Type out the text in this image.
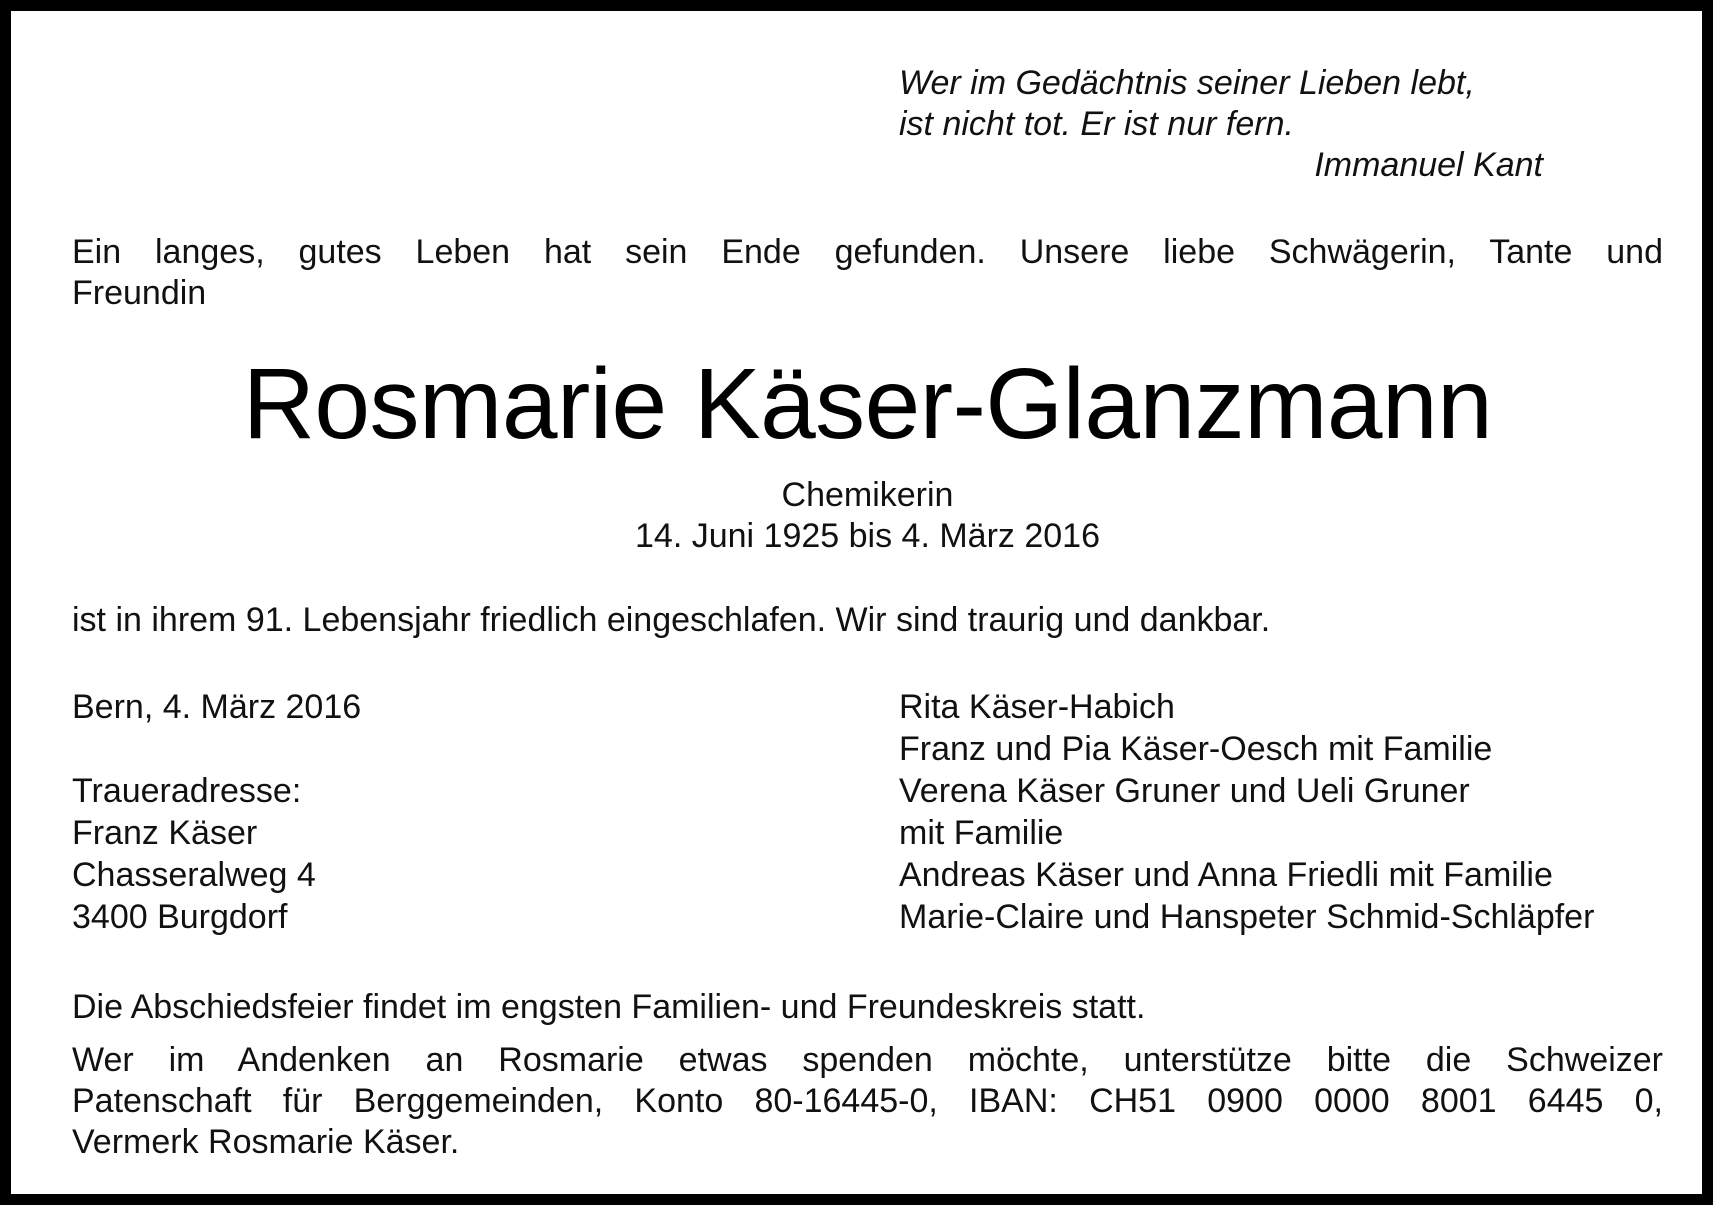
Wer im Gedächtnis seiner Lieben lebt,
ist nicht tot. Er ist nur fern.
Immanuel Kant
Ein langes, gutes Leben hat sein Ende gefunden. Unsere liebe Schwägerin, Tante und
Freundin
Rosmarie Käser-Glanzmann
Chemikerin
14. Juni 1925 bis 4. März 2016
ist in ihrem 91. Lebensjahr friedlich eingeschlafen. Wir sind traurig und dankbar.
Bern, 4. März 2016
Traueradresse:
Franz Käser
Chasseralweg 4
3400 Burgdorf
Rita Käser-Habich
Franz und Pia Käser-Oesch mit Familie
Verena Käser Gruner und Ueli Gruner
mit Familie
Andreas Käser und Anna Friedli mit Familie
Marie-Claire und Hanspeter Schmid-Schläpfer
Die Abschiedsfeier findet im engsten Familien- und Freundeskreis statt.
Wer im Andenken an Rosmarie etwas spenden möchte, unterstütze bitte die Schweizer
Patenschaft für Berggemeinden, Konto 80-16445-0, IBAN: CH51 0900 0000 8001 6445 0,
Vermerk Rosmarie Käser.
